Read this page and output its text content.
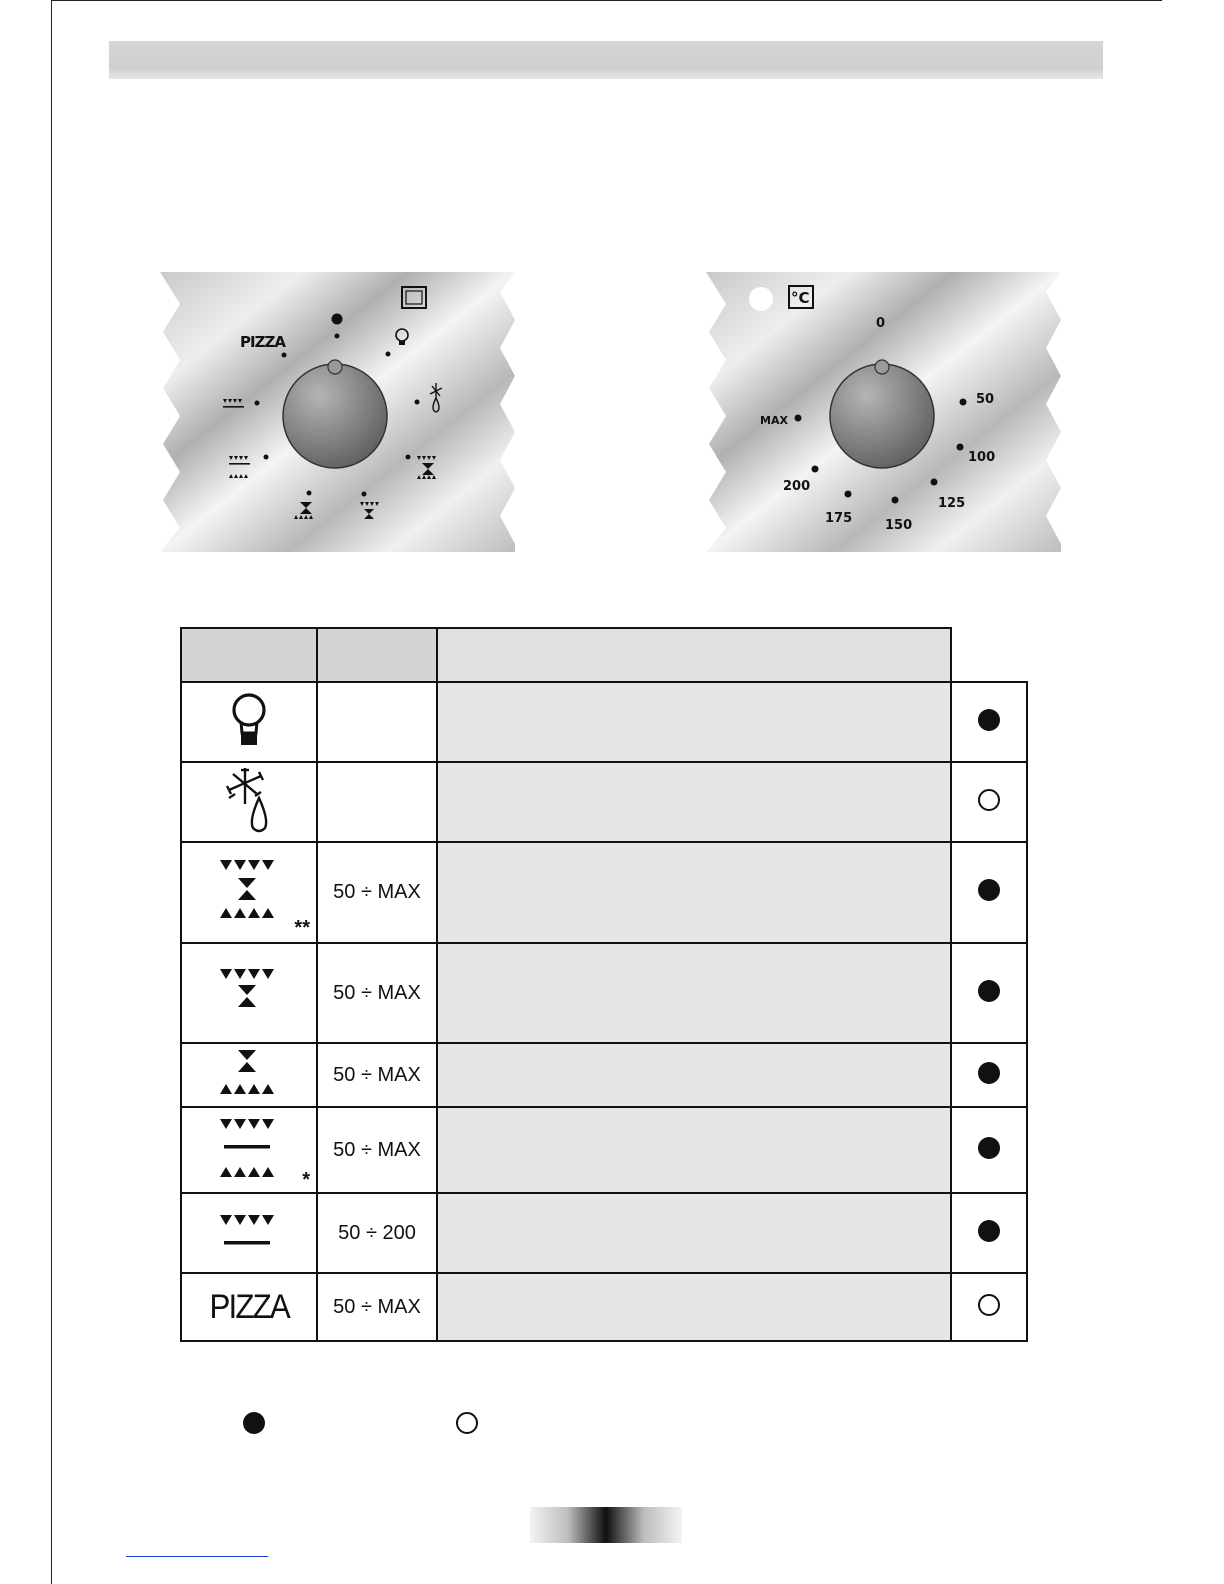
PIZZA
°C
0
50
100
125
150
175
200
MAX

**	50 ÷ MAX		
	50 ÷ MAX		
	50 ÷ MAX		

*	50 ÷ MAX		
	50 ÷ 200		
PIZZA	50 ÷ MAX		
